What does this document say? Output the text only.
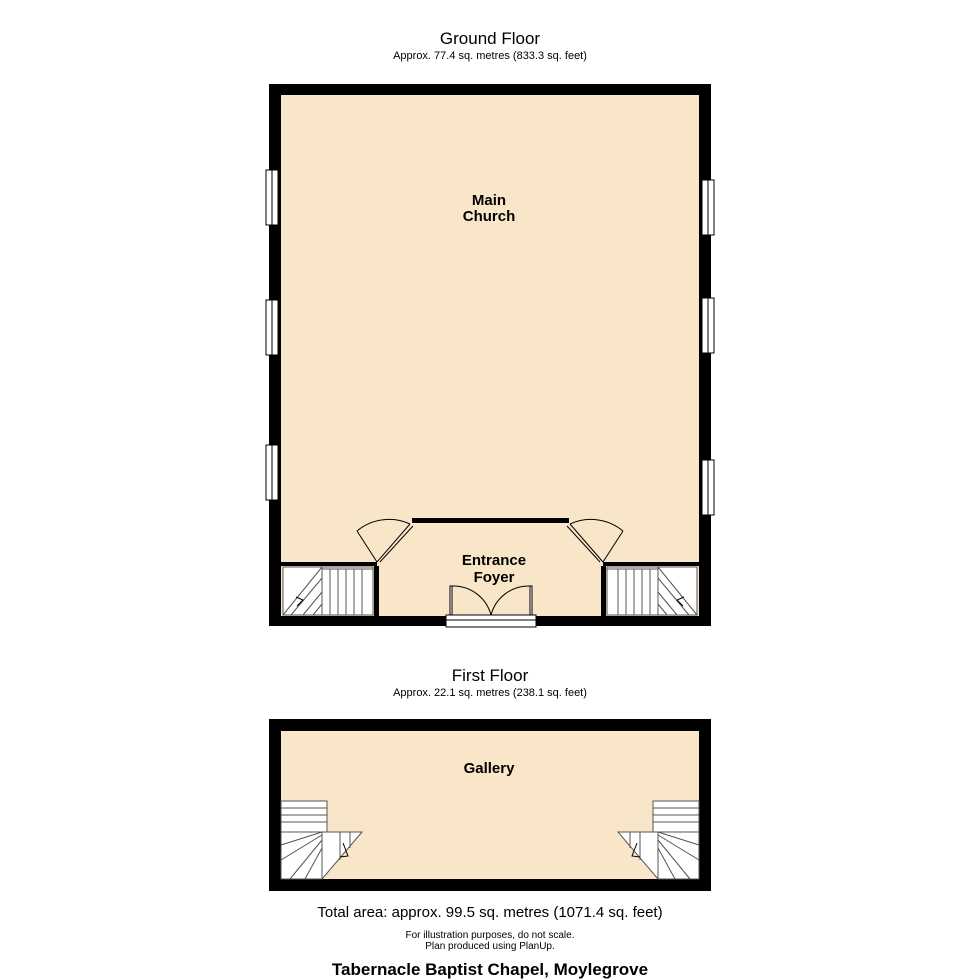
Ground Floor
Approx. 77.4 sq. metres (833.3 sq. feet)
First Floor
Approx. 22.1 sq. metres (238.1 sq. feet)
Total area: approx. 99.5 sq. metres (1071.4 sq. feet)
For illustration purposes, do not scale.
Plan produced using PlanUp.
Tabernacle Baptist Chapel, Moylegrove
Main
Church
Entrance
Foyer
Gallery
